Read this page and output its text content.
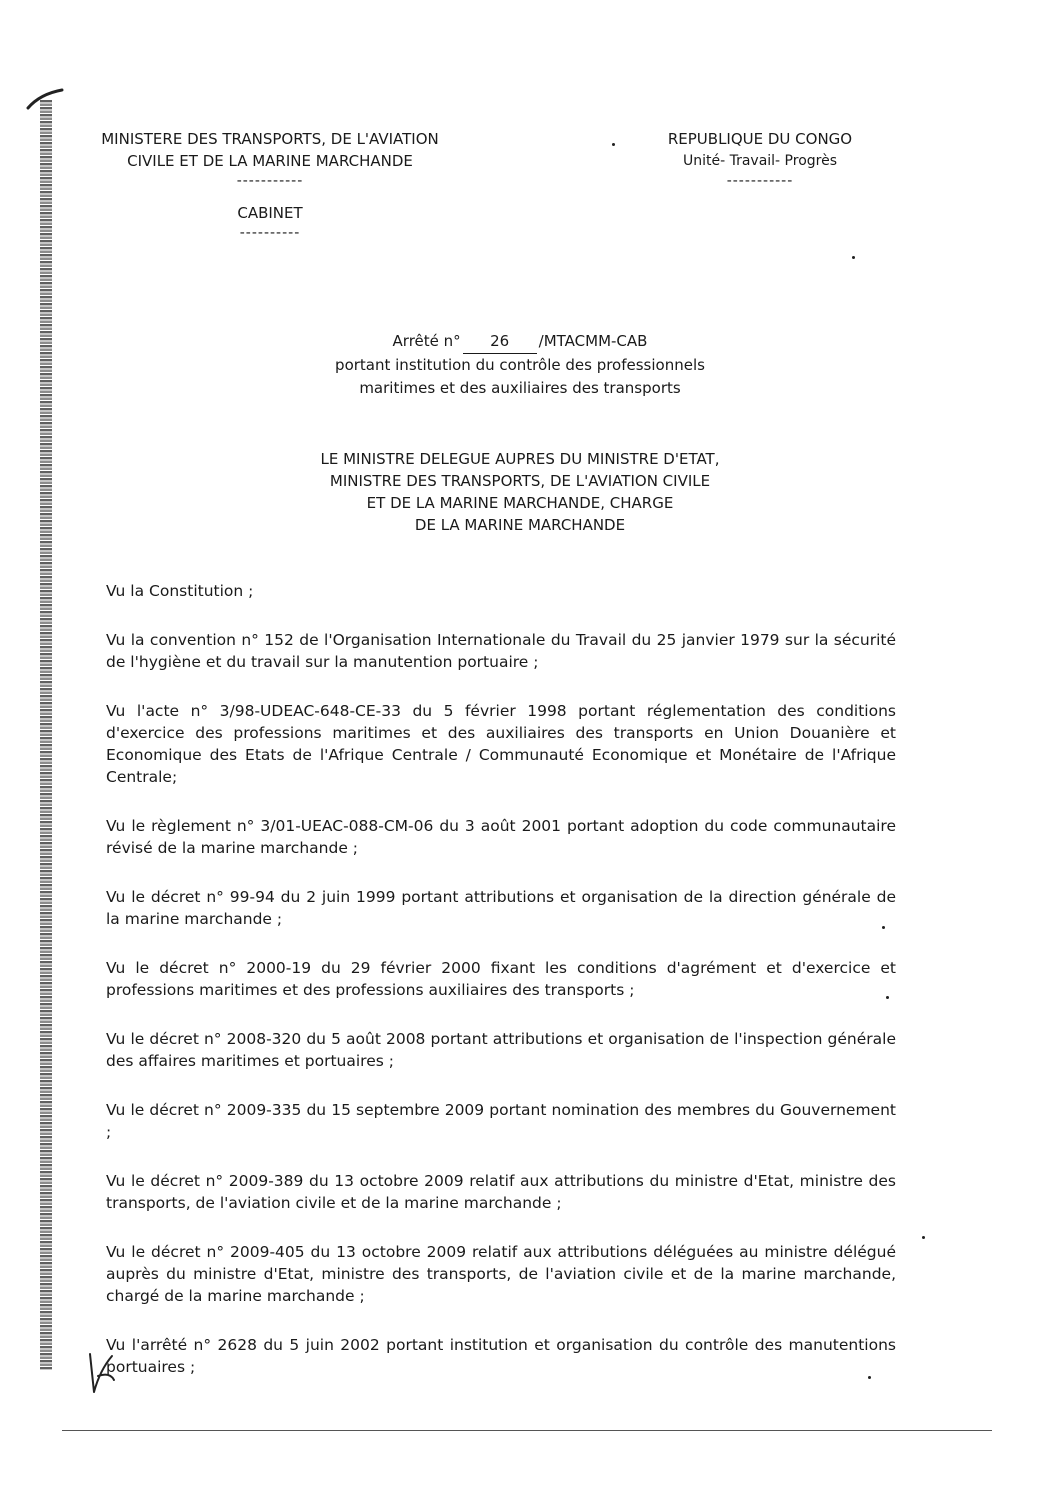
MINISTERE DES TRANSPORTS, DE L'AVIATION
CIVILE ET DE LA MARINE MARCHANDE
-----------
CABINET
----------
REPUBLIQUE DU CONGO
Unité- Travail- Progrès
-----------
Arrêté n° 26 /MTACMM-CAB
portant institution du contrôle des professionnels
maritimes et des auxiliaires des transports
LE MINISTRE DELEGUE AUPRES DU MINISTRE D'ETAT,
MINISTRE DES TRANSPORTS, DE L'AVIATION CIVILE
ET DE LA MARINE MARCHANDE, CHARGE
DE LA MARINE MARCHANDE

Vu la Constitution ;

Vu la convention n° 152 de l'Organisation Internationale du Travail du 25 janvier 1979 sur la sécurité de l'hygiène et du travail sur la manutention portuaire ;

Vu l'acte n° 3/98-UDEAC-648-CE-33 du 5 février 1998 portant réglementation des conditions d'exercice des professions maritimes et des auxiliaires des transports en Union Douanière et Economique des Etats de l'Afrique Centrale / Communauté Economique et Monétaire de l'Afrique Centrale;

Vu le règlement n° 3/01-UEAC-088-CM-06 du 3 août 2001 portant adoption du code communautaire révisé de la marine marchande ;

Vu le décret n° 99-94 du 2 juin 1999 portant attributions et organisation de la direction générale de la marine marchande ;

Vu le décret n° 2000-19 du 29 février 2000 fixant les conditions d'agrément et d'exercice et professions maritimes et des professions auxiliaires des transports ;

Vu le décret n° 2008-320 du 5 août 2008 portant attributions et organisation de l'inspection générale des affaires maritimes et portuaires ;

Vu le décret n° 2009-335 du 15 septembre 2009 portant nomination des membres du Gouvernement ;

Vu le décret n° 2009-389 du 13 octobre 2009 relatif aux attributions du ministre d'Etat, ministre des transports, de l'aviation civile et de la marine marchande ;

Vu le décret n° 2009-405 du 13 octobre 2009 relatif aux attributions déléguées au ministre délégué auprès du ministre d'Etat, ministre des transports, de l'aviation civile et de la marine marchande, chargé de la marine marchande ;

Vu l'arrêté n° 2628 du 5 juin 2002 portant institution et organisation du contrôle des manutentions portuaires ;
